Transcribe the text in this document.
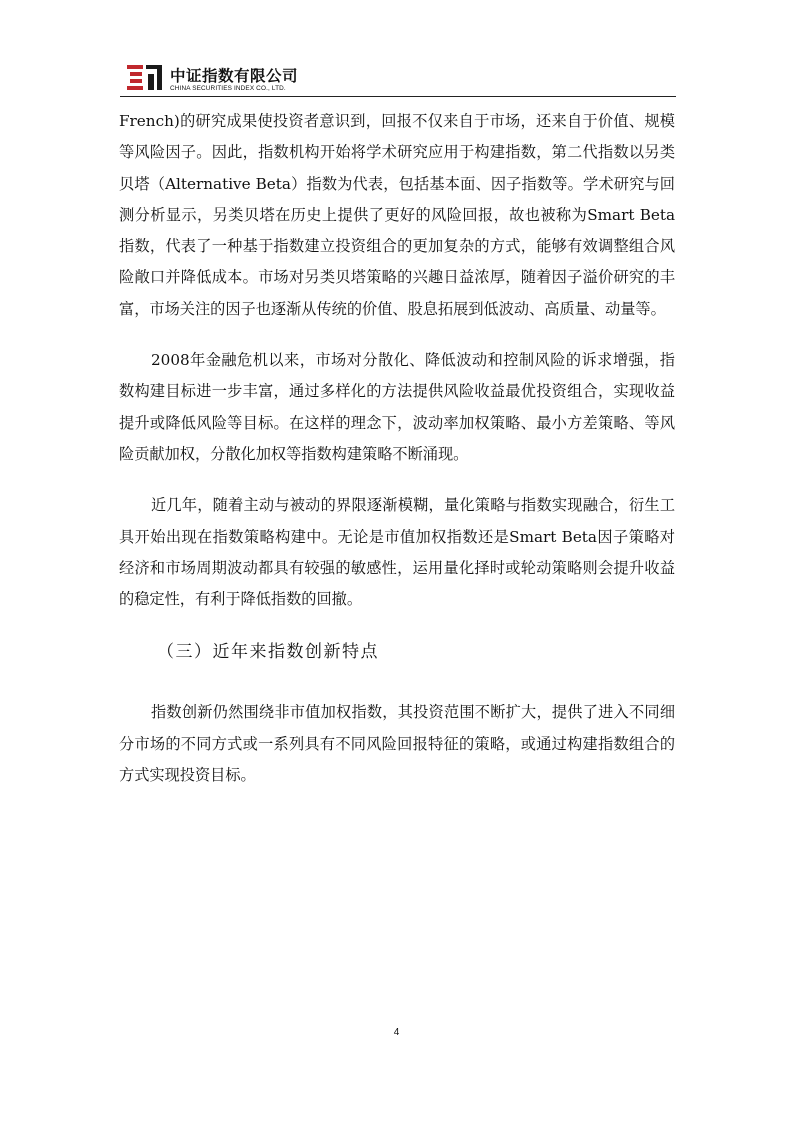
中证指数有限公司
CHINA SECURITIES INDEX CO., LTD.

French)的研究成果使投资者意识到，回报不仅来自于市场，还来自于价值、规模等风险因子。因此，指数机构开始将学术研究应用于构建指数，第二代指数以另类贝塔（Alternative Beta）指数为代表，包括基本面、因子指数等。学术研究与回测分析显示，另类贝塔在历史上提供了更好的风险回报，故也被称为Smart Beta指数，代表了一种基于指数建立投资组合的更加复杂的方式，能够有效调整组合风险敞口并降低成本。市场对另类贝塔策略的兴趣日益浓厚，随着因子溢价研究的丰富，市场关注的因子也逐渐从传统的价值、股息拓展到低波动、高质量、动量等。

2008年金融危机以来，市场对分散化、降低波动和控制风险的诉求增强，指数构建目标进一步丰富，通过多样化的方法提供风险收益最优投资组合，实现收益提升或降低风险等目标。在这样的理念下，波动率加权策略、最小方差策略、等风险贡献加权，分散化加权等指数构建策略不断涌现。

近几年，随着主动与被动的界限逐渐模糊，量化策略与指数实现融合，衍生工具开始出现在指数策略构建中。无论是市值加权指数还是Smart Beta因子策略对经济和市场周期波动都具有较强的敏感性，运用量化择时或轮动策略则会提升收益的稳定性，有利于降低指数的回撤。

（三）近年来指数创新特点

指数创新仍然围绕非市值加权指数，其投资范围不断扩大，提供了进入不同细分市场的不同方式或一系列具有不同风险回报特征的策略，或通过构建指数组合的方式实现投资目标。

4
